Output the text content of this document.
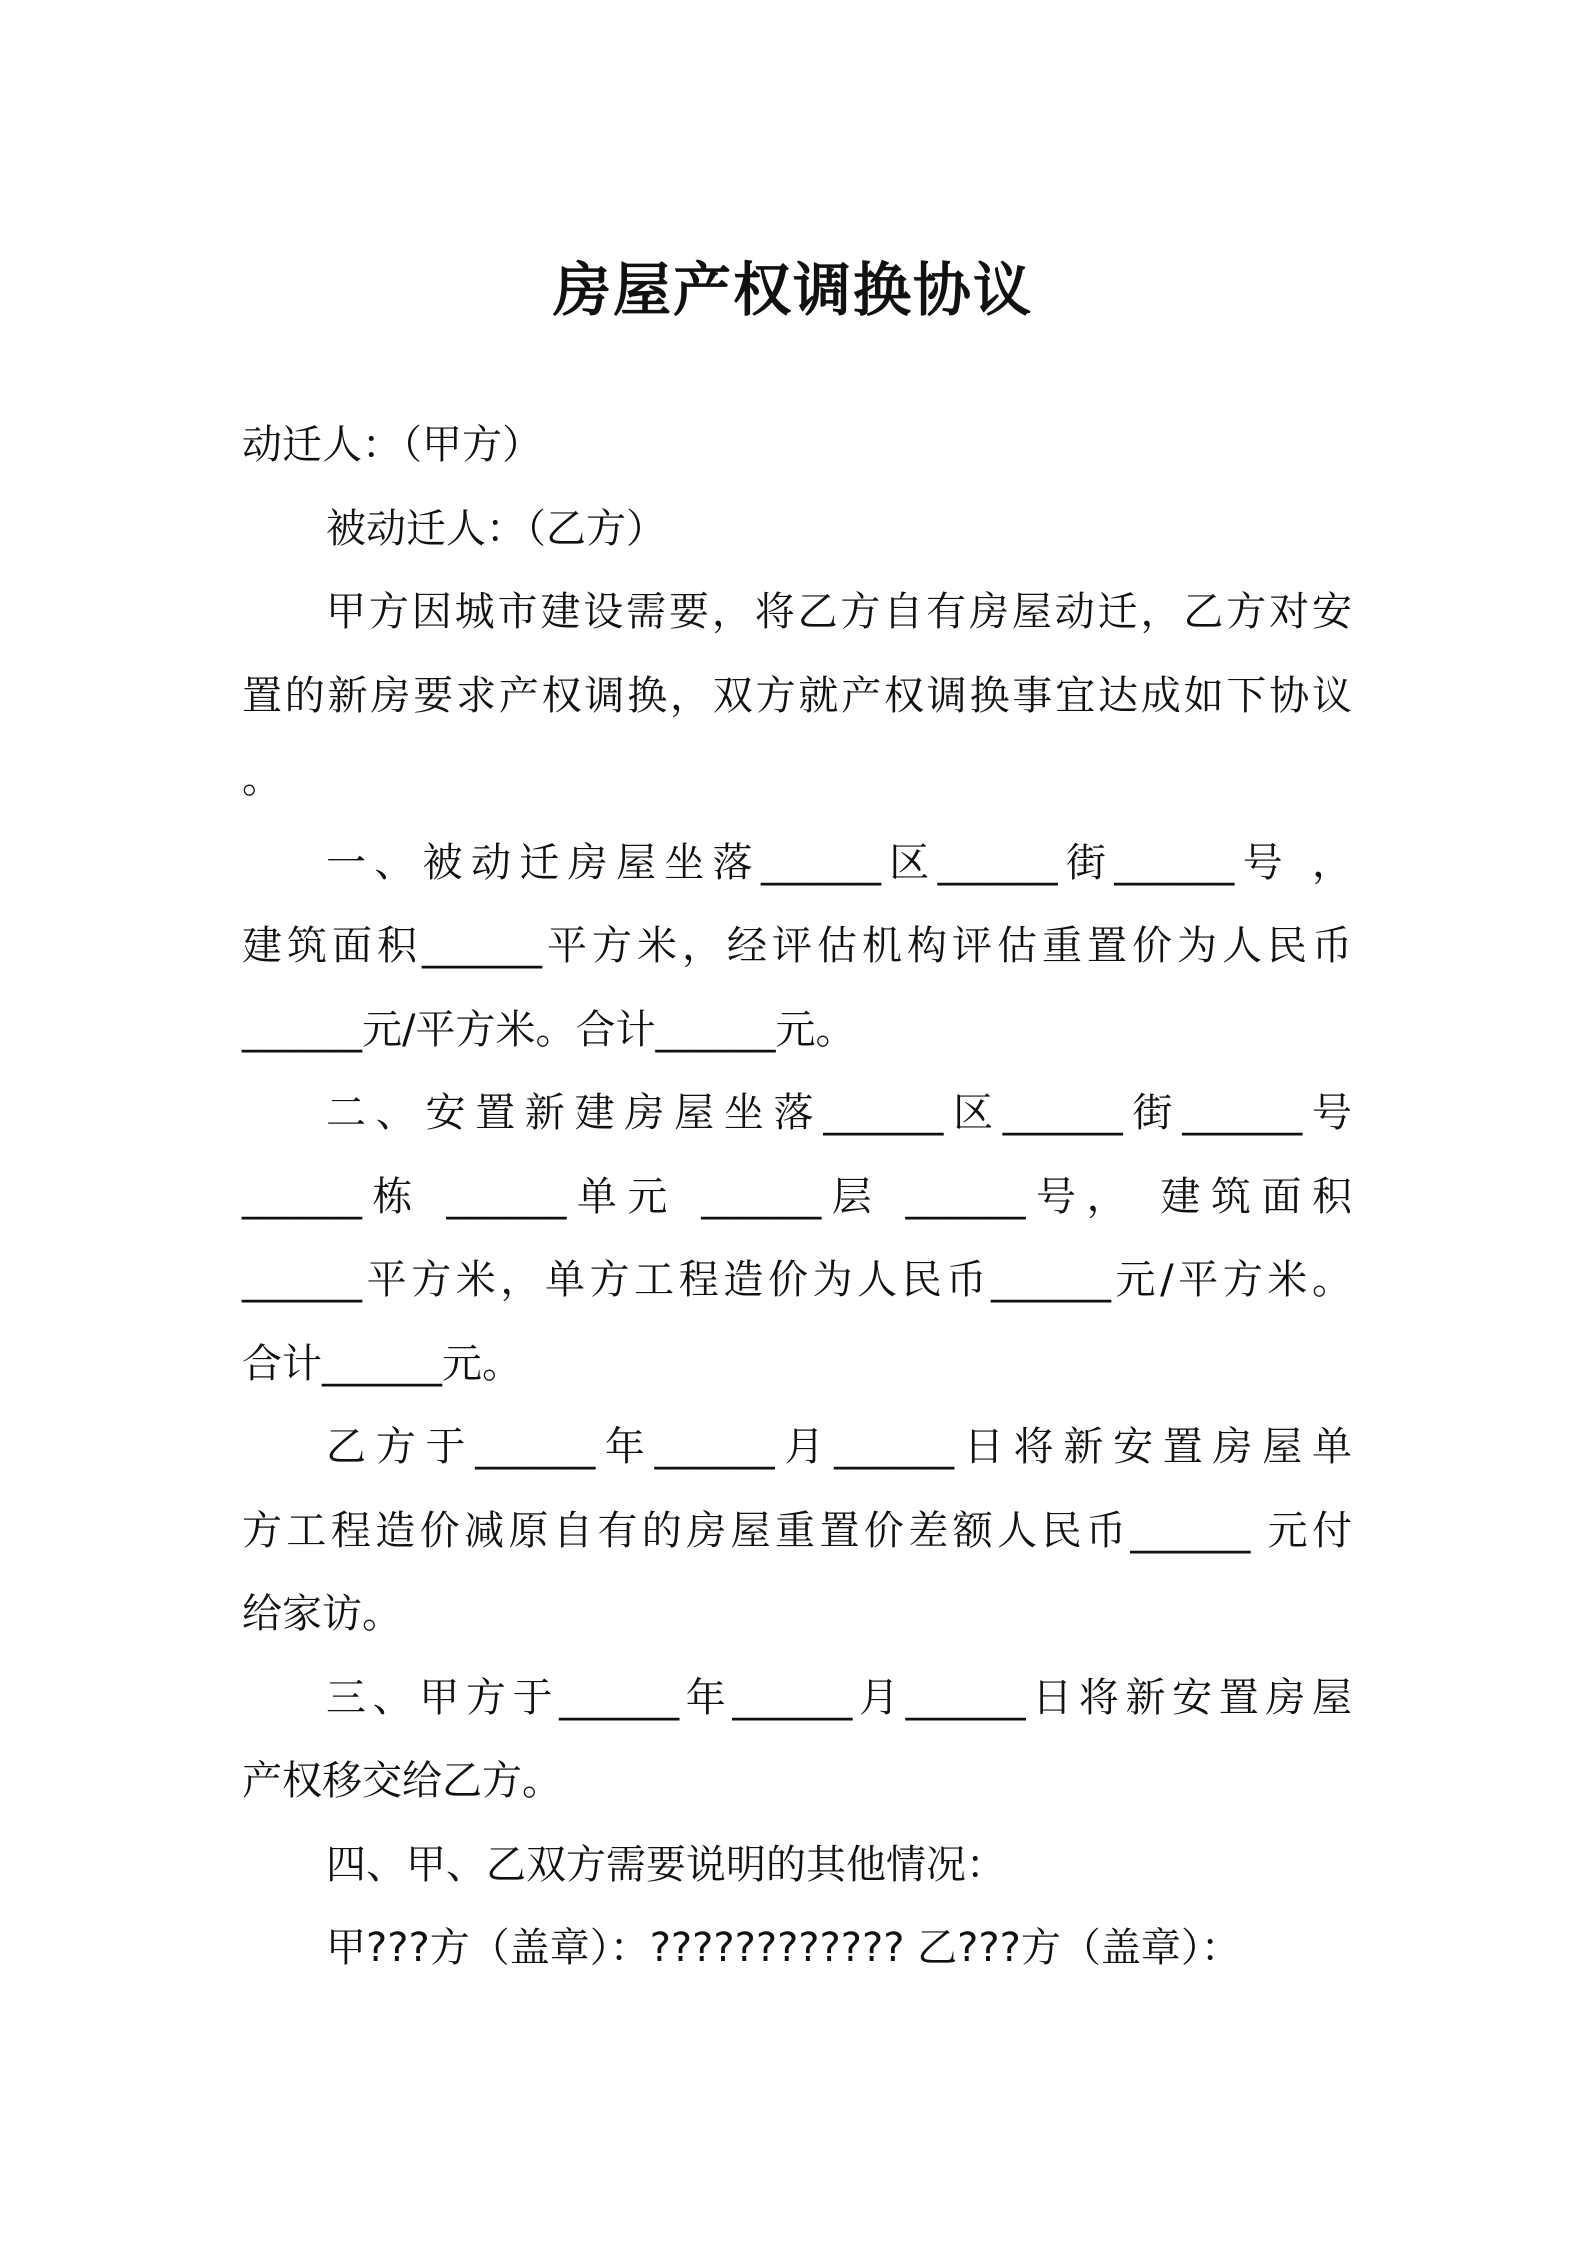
房屋产权调换协议
动迁人：（甲方）
被动迁人：（乙方）
甲方因城市建设需要，将乙方自有房屋动迁，乙方对安
置的新房要求产权调换，双方就产权调换事宜达成如下协议
。
一、被动迁房屋坐落______区______街______号 ，
建筑面积______平方米，经评估机构评估重置价为人民币
______元/平方米。合计______元。
二、安置新建房屋坐落______区______街______号
______栋 ______单元 ______层 ______号， 建筑面积
______平方米，单方工程造价为人民币______元/平方米。
合计______元。
乙方于______年______月______日将新安置房屋单
方工程造价减原自有的房屋重置价差额人民币______ 元付
给家访。
三、甲方于______年______月______日将新安置房屋
产权移交给乙方。
四、甲、乙双方需要说明的其他情况：
甲???方（盖章）：???????????? 乙???方（盖章）：
